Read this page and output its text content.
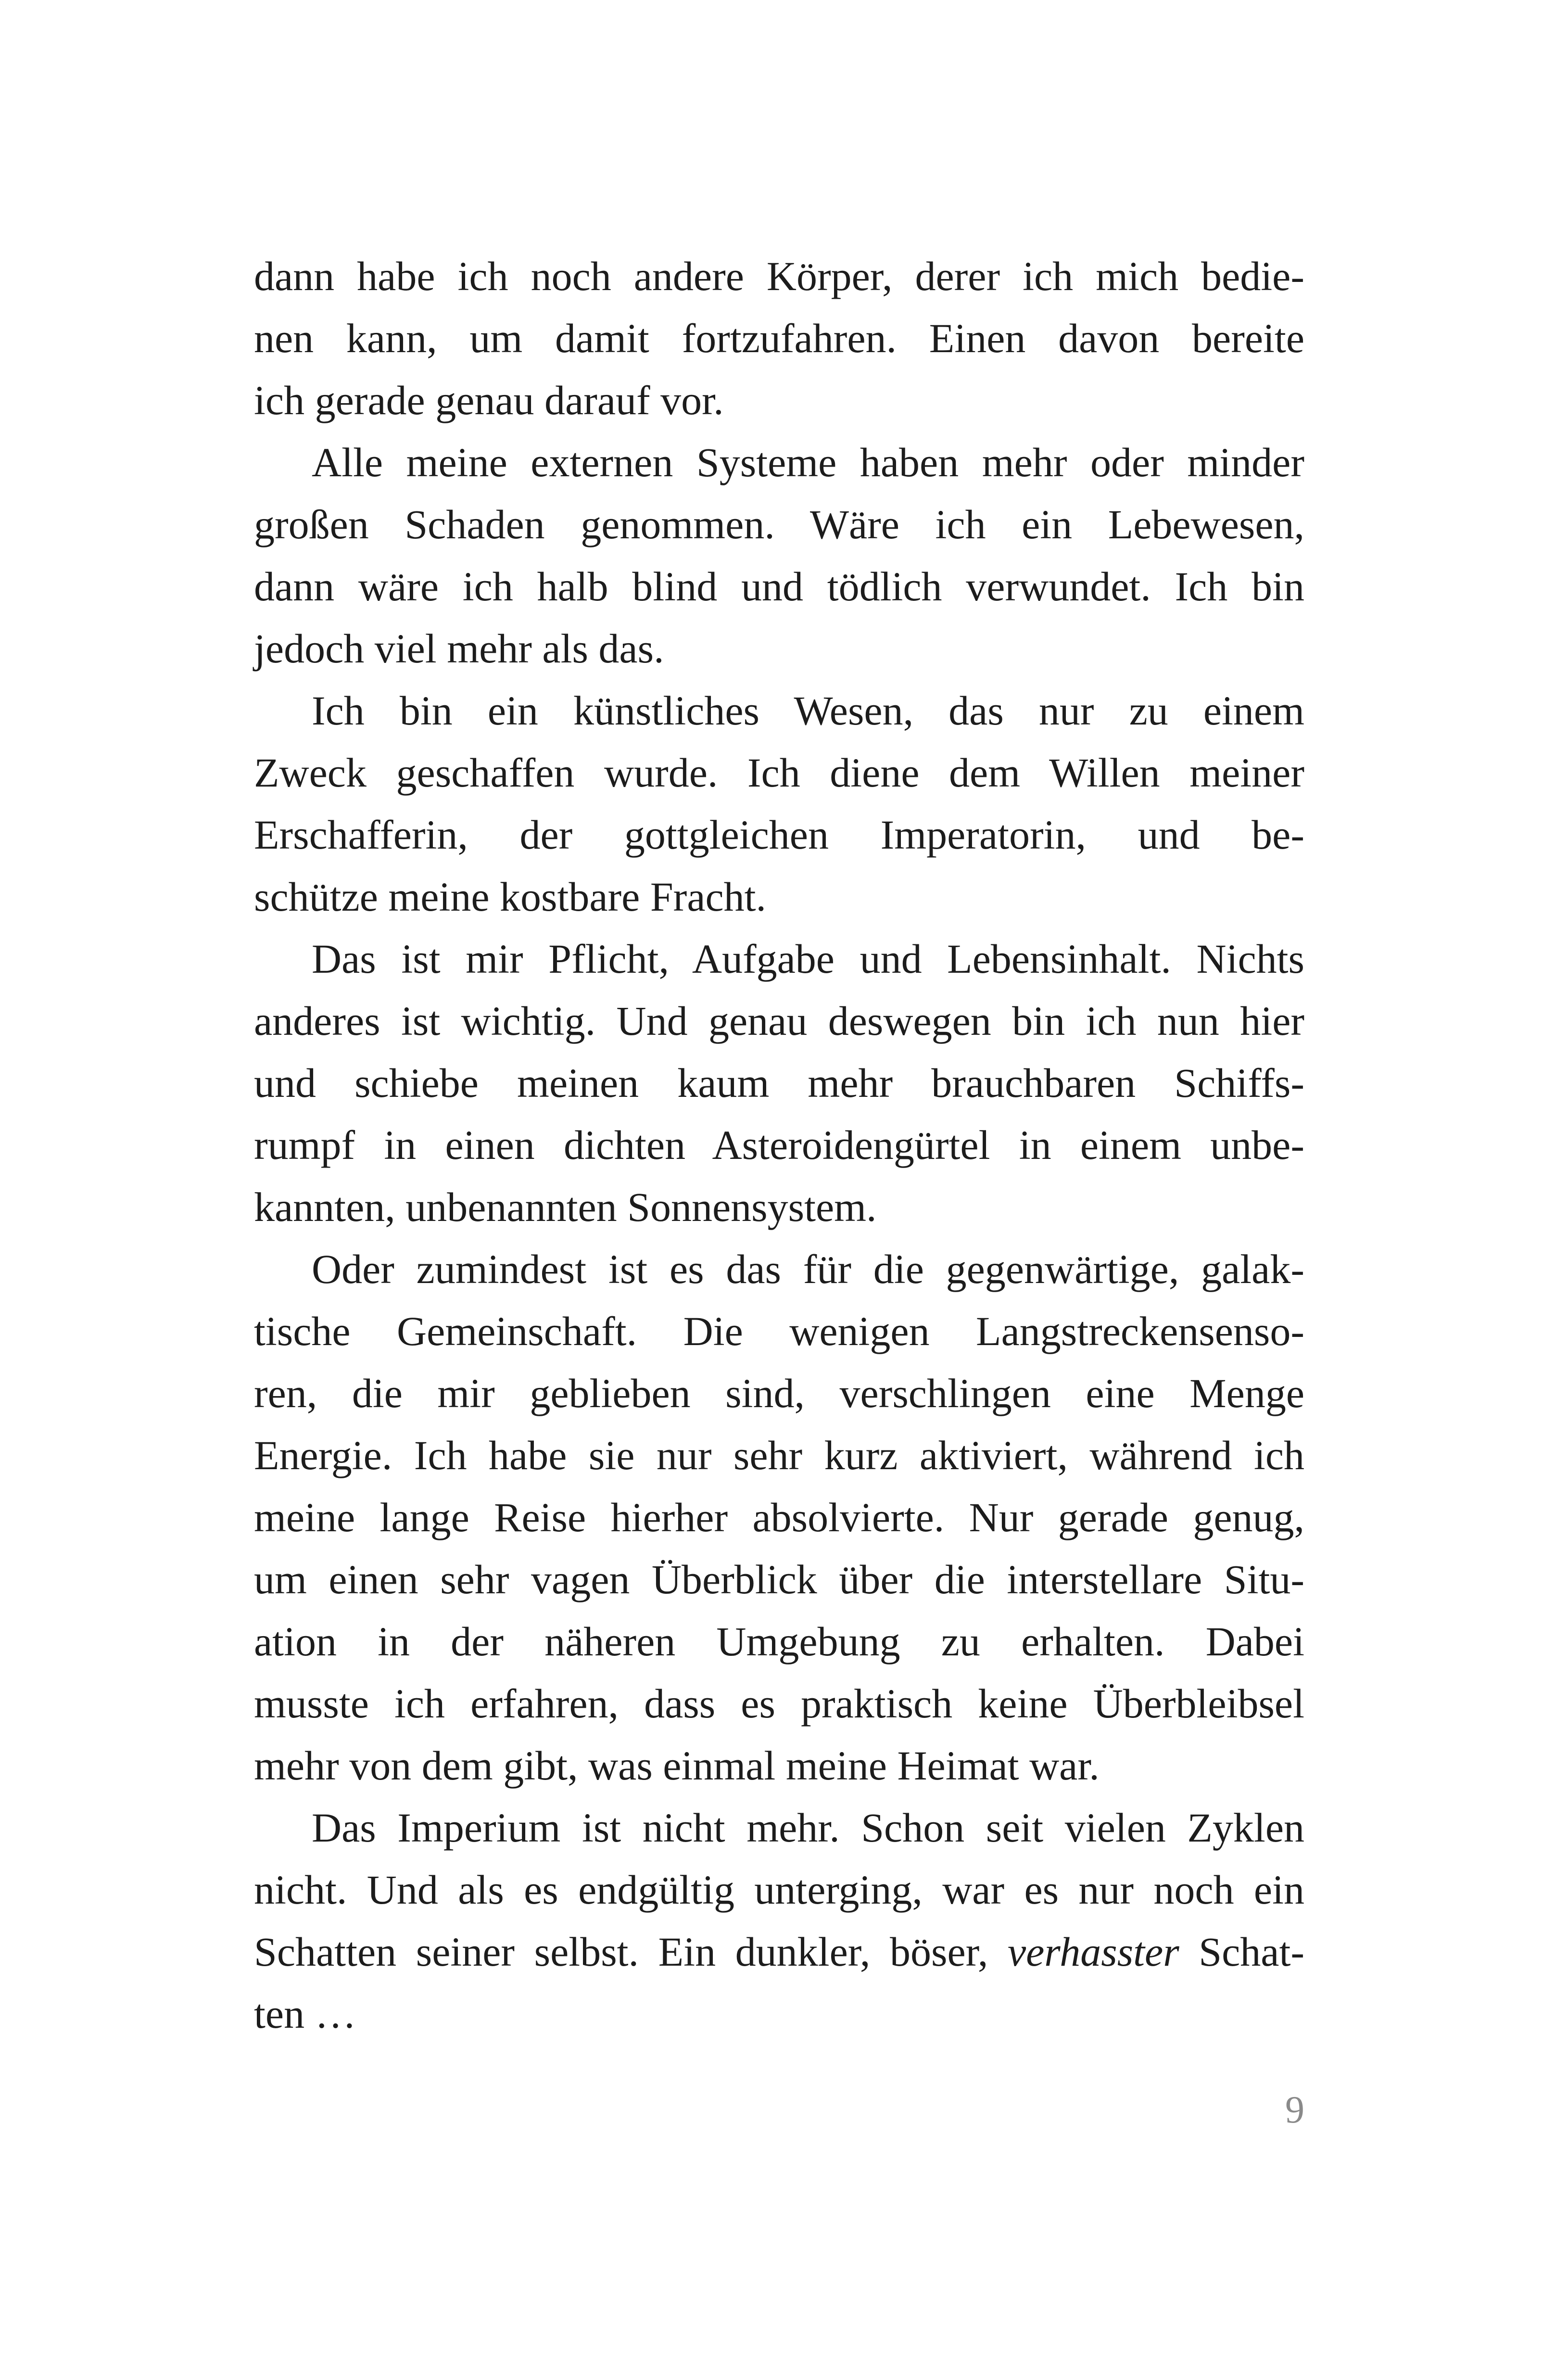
dann habe ich noch andere Körper, derer ich mich bedie-
nen kann, um damit fortzufahren. Einen davon bereite
ich gerade genau darauf vor.
Alle meine externen Systeme haben mehr oder minder
großen Schaden genommen. Wäre ich ein Lebewesen,
dann wäre ich halb blind und tödlich verwundet. Ich bin
jedoch viel mehr als das.
Ich bin ein künstliches Wesen, das nur zu einem
Zweck geschaffen wurde. Ich diene dem Willen meiner
Erschafferin, der gottgleichen Imperatorin, und be-
schütze meine kostbare Fracht.
Das ist mir Pflicht, Aufgabe und Lebensinhalt. Nichts
anderes ist wichtig. Und genau deswegen bin ich nun hier
und schiebe meinen kaum mehr brauchbaren Schiffs-
rumpf in einen dichten Asteroidengürtel in einem unbe-
kannten, unbenannten Sonnensystem.
Oder zumindest ist es das für die gegenwärtige, galak-
tische Gemeinschaft. Die wenigen Langstreckensenso-
ren, die mir geblieben sind, verschlingen eine Menge
Energie. Ich habe sie nur sehr kurz aktiviert, während ich
meine lange Reise hierher absolvierte. Nur gerade genug,
um einen sehr vagen Überblick über die interstellare Situ-
ation in der näheren Umgebung zu erhalten. Dabei
musste ich erfahren, dass es praktisch keine Überbleibsel
mehr von dem gibt, was einmal meine Heimat war.
Das Imperium ist nicht mehr. Schon seit vielen Zyklen
nicht. Und als es endgültig unterging, war es nur noch ein
Schatten seiner selbst. Ein dunkler, böser, verhasster Schat-
ten …
9
